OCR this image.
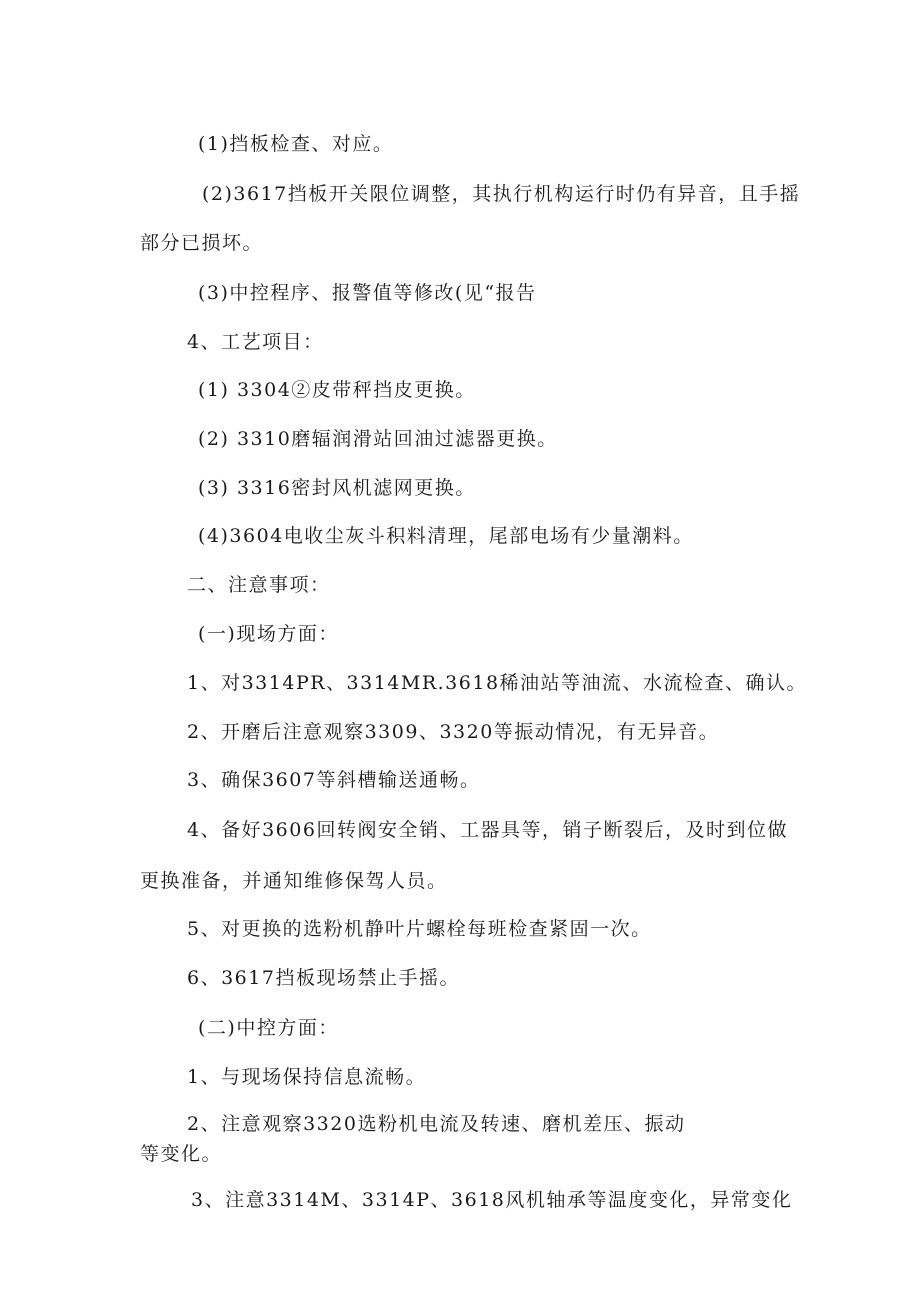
(1)挡板检查、对应。
(2)3617挡板开关限位调整，其执行机构运行时仍有异音，且手摇
部分已损坏。
(3)中控程序、报警值等修改(见“报告
4、工艺项目：
(1) 3304②皮带秤挡皮更换。
(2) 3310磨辐润滑站回油过滤器更换。
(3) 3316密封风机滤网更换。
(4)3604电收尘灰斗积料清理，尾部电场有少量潮料。
二、注意事项：
(一)现场方面：
1、对3314PR、3314MR.3618稀油站等油流、水流检查、确认。
2、开磨后注意观察3309、3320等振动情况，有无异音。
3、确保3607等斜槽输送通畅。
4、备好3606回转阀安全销、工器具等，销子断裂后，及时到位做
更换准备，并通知维修保驾人员。
5、对更换的选粉机静叶片螺栓每班检查紧固一次。
6、3617挡板现场禁止手摇。
(二)中控方面：
1、与现场保持信息流畅。
2、注意观察3320选粉机电流及转速、磨机差压、振动
等变化。
3、注意3314M、3314P、3618风机轴承等温度变化，异常变化
